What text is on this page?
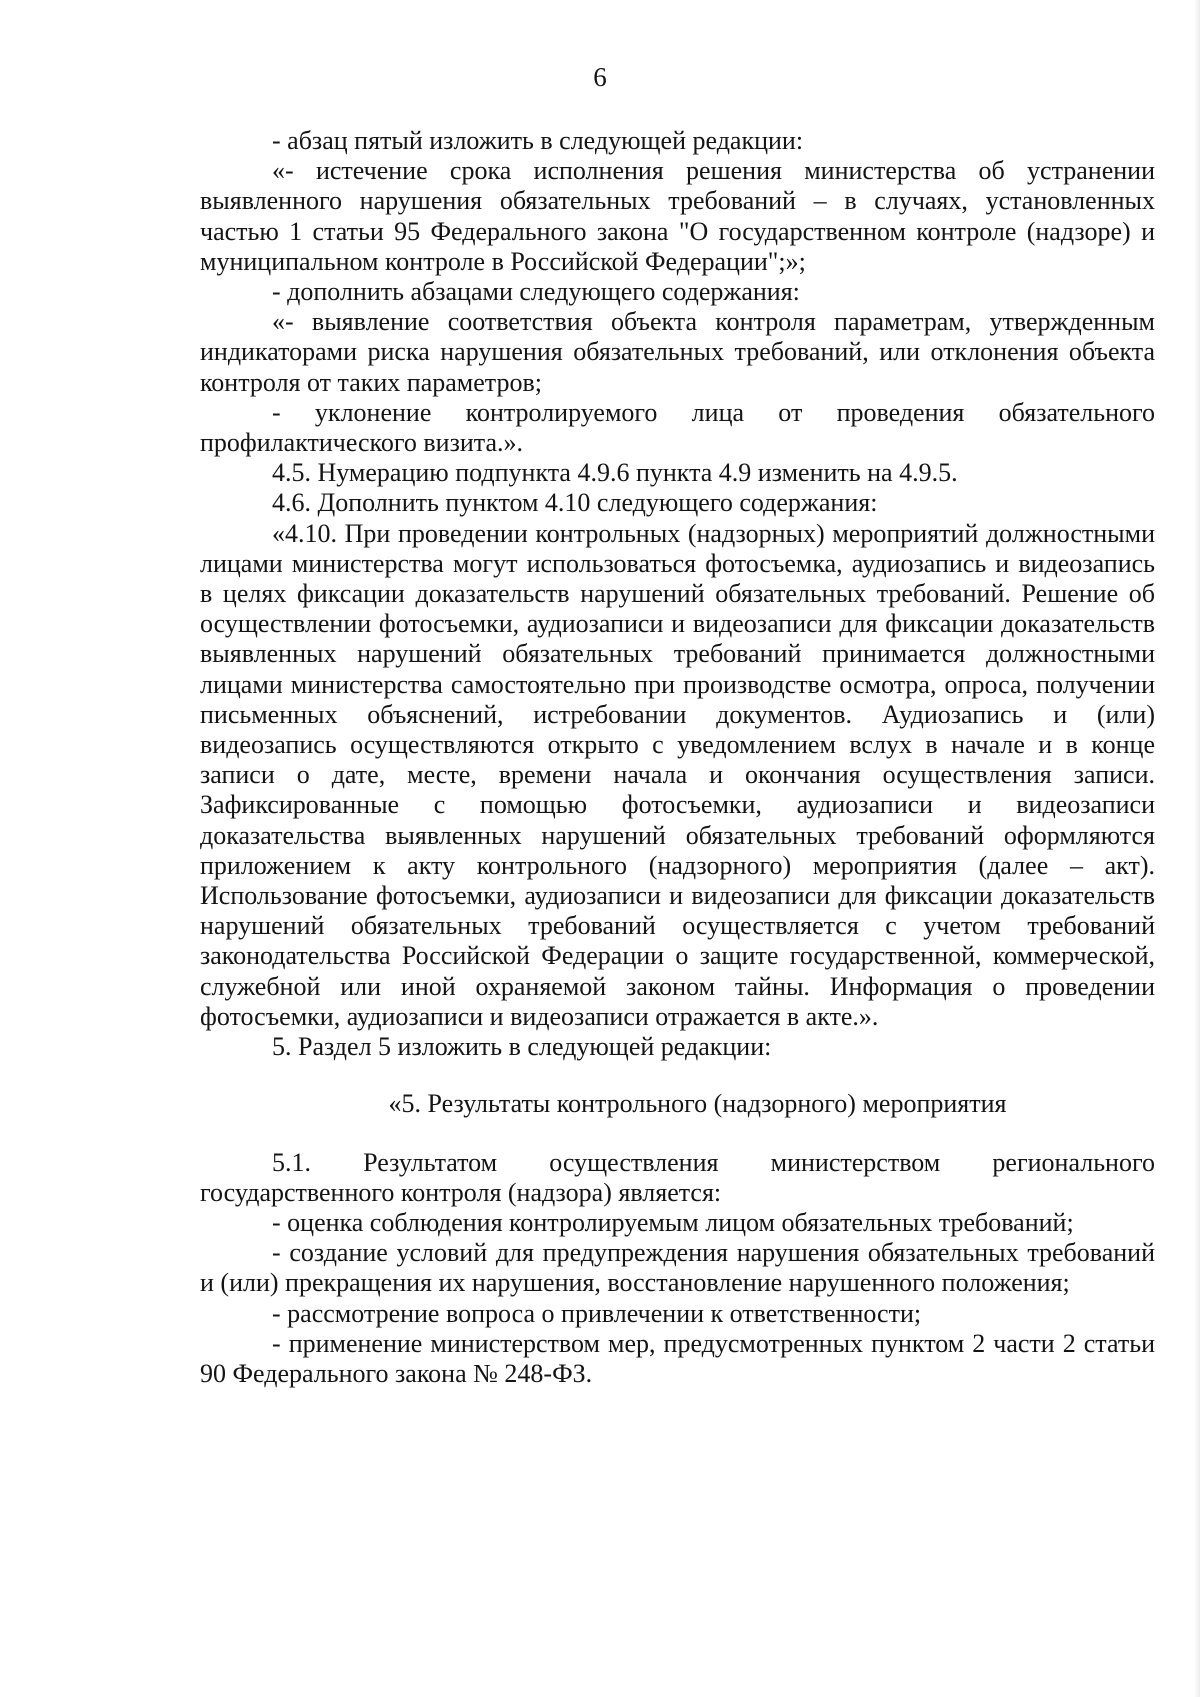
6

- абзац пятый изложить в следующей редакции:

«- истечение срока исполнения решения министерства об устранении выявленного нарушения обязательных требований – в случаях, установленных частью 1 статьи 95 Федерального закона "О государственном контроле (надзоре) и муниципальном контроле в Российской Федерации";»;

- дополнить абзацами следующего содержания:

«- выявление соответствия объекта контроля параметрам, утвержденным индикаторами риска нарушения обязательных требований, или отклонения объекта контроля от таких параметров;

- уклонение контролируемого лица от проведения обязательного профилактического визита.».

4.5. Нумерацию подпункта 4.9.6 пункта 4.9 изменить на 4.9.5.

4.6. Дополнить пунктом 4.10 следующего содержания:

«4.10. При проведении контрольных (надзорных) мероприятий должностными лицами министерства могут использоваться фотосъемка, аудиозапись и видеозапись в целях фиксации доказательств нарушений обязательных требований. Решение об осуществлении фотосъемки, аудиозаписи и видеозаписи для фиксации доказательств выявленных нарушений обязательных требований принимается должностными лицами министерства самостоятельно при производстве осмотра, опроса, получении письменных объяснений, истребовании документов. Аудиозапись и (или) видеозапись осуществляются открыто с уведомлением вслух в начале и в конце записи о дате, месте, времени начала и окончания осуществления записи. Зафиксированные с помощью фотосъемки, аудиозаписи и видеозаписи доказательства выявленных нарушений обязательных требований оформляются приложением к акту контрольного (надзорного) мероприятия (далее – акт). Использование фотосъемки, аудиозаписи и видеозаписи для фиксации доказательств нарушений обязательных требований осуществляется с учетом требований законодательства Российской Федерации о защите государственной, коммерческой, служебной или иной охраняемой законом тайны. Информация о проведении фотосъемки, аудиозаписи и видеозаписи отражается в акте.».

5. Раздел 5 изложить в следующей редакции:

«5. Результаты контрольного (надзорного) мероприятия

5.1. Результатом осуществления министерством регионального государственного контроля (надзора) является:

- оценка соблюдения контролируемым лицом обязательных требований;

- создание условий для предупреждения нарушения обязательных требований и (или) прекращения их нарушения, восстановление нарушенного положения;

- рассмотрение вопроса о привлечении к ответственности;

- применение министерством мер, предусмотренных пунктом 2 части 2 статьи 90 Федерального закона № 248-ФЗ.
